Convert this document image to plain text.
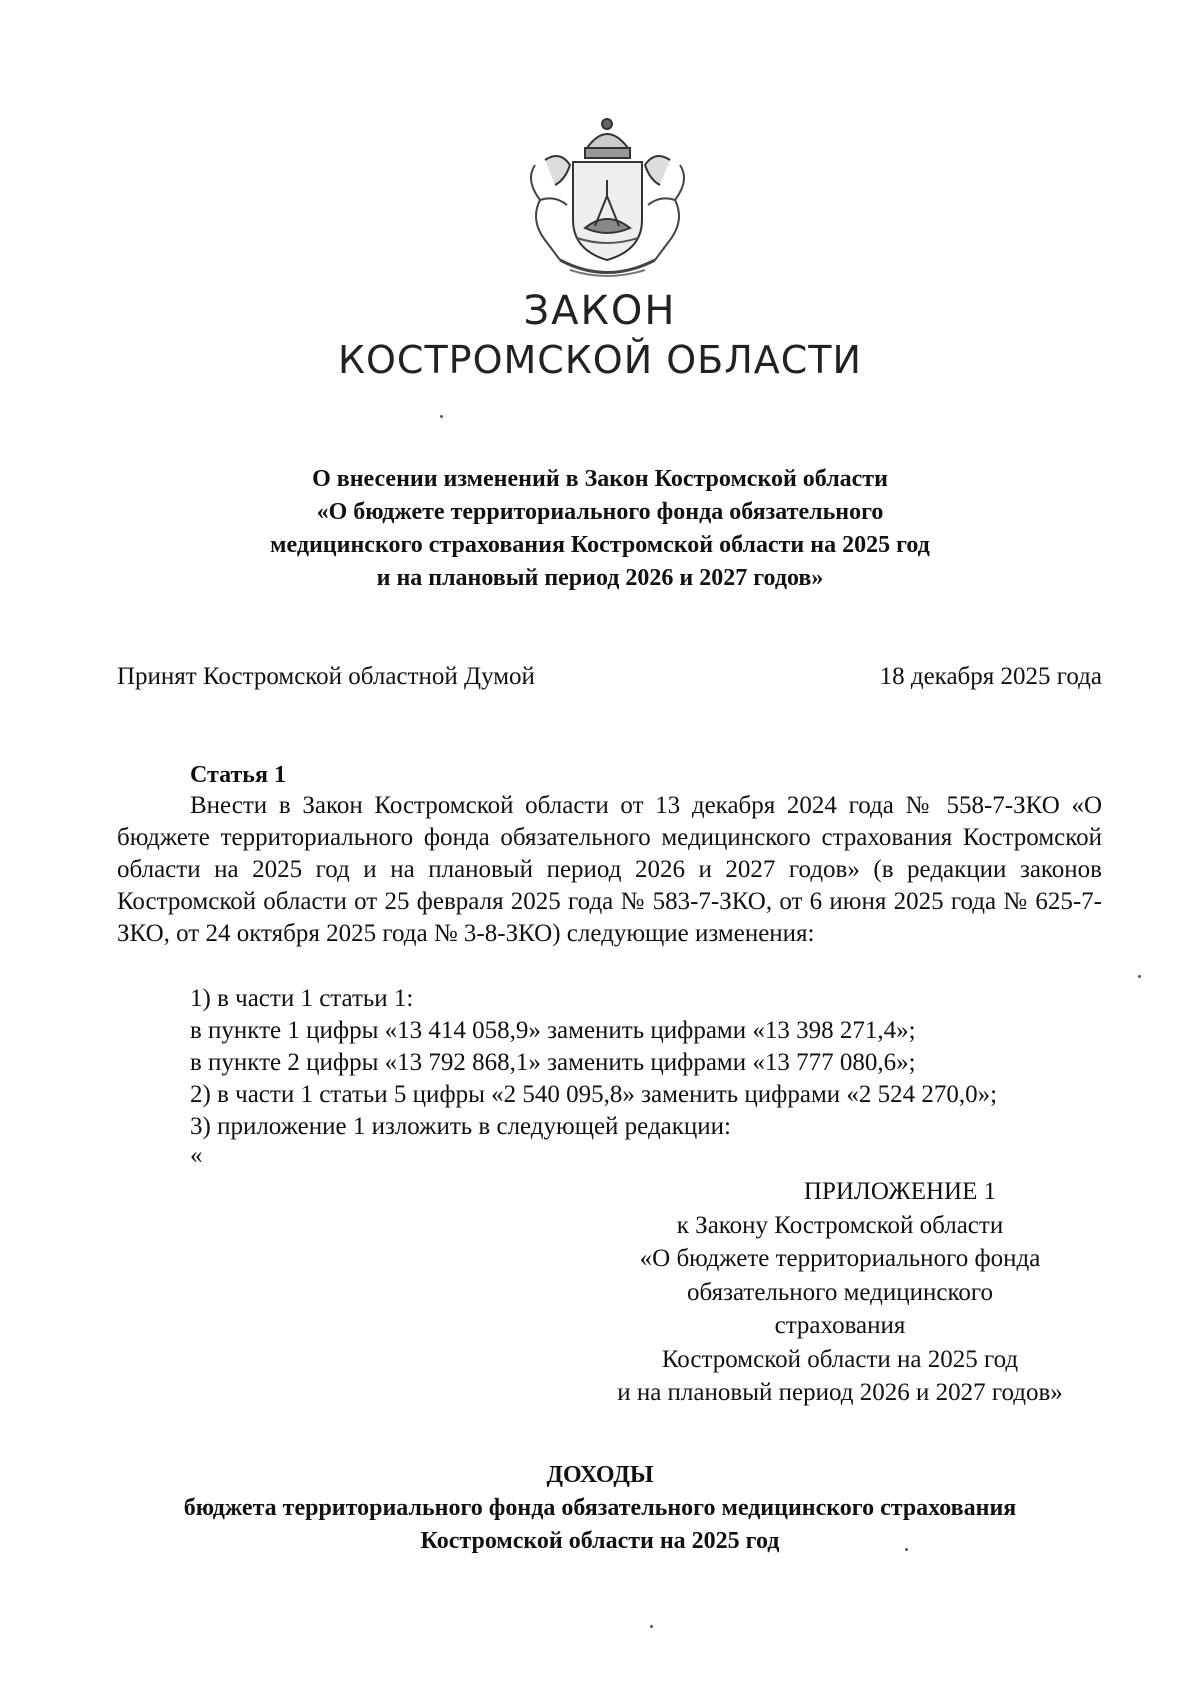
ЗАКОН
КОСТРОМСКОЙ ОБЛАСТИ
О внесении изменений в Закон Костромской области
«О бюджете территориального фонда обязательного
медицинского страхования Костромской области на 2025 год
и на плановый период 2026 и 2027 годов»
Принят Костромской областной Думой	18 декабря 2025 года
Статья 1
Внести в Закон Костромской области от 13 декабря 2024 года № 558-7-ЗКО «О бюджете территориального фонда обязательного медицинского страхования Костромской области на 2025 год и на плановый период 2026 и 2027 годов» (в редакции законов Костромской области от 25 февраля 2025 года № 583-7-ЗКО, от 6 июня 2025 года № 625-7-ЗКО, от 24 октября 2025 года № 3-8-ЗКО) следующие изменения:
1) в части 1 статьи 1:
в пункте 1 цифры «13 414 058,9» заменить цифрами «13 398 271,4»;
в пункте 2 цифры «13 792 868,1» заменить цифрами «13 777 080,6»;
2) в части 1 статьи 5 цифры «2 540 095,8» заменить цифрами «2 524 270,0»;
3) приложение 1 изложить в следующей редакции:
«
ПРИЛОЖЕНИЕ 1
к Закону Костромской области
«О бюджете территориального фонда
обязательного медицинского
страхования
Костромской области на 2025 год
и на плановый период 2026 и 2027 годов»
ДОХОДЫ
бюджета территориального фонда обязательного медицинского страхования
Костромской области на 2025 год
